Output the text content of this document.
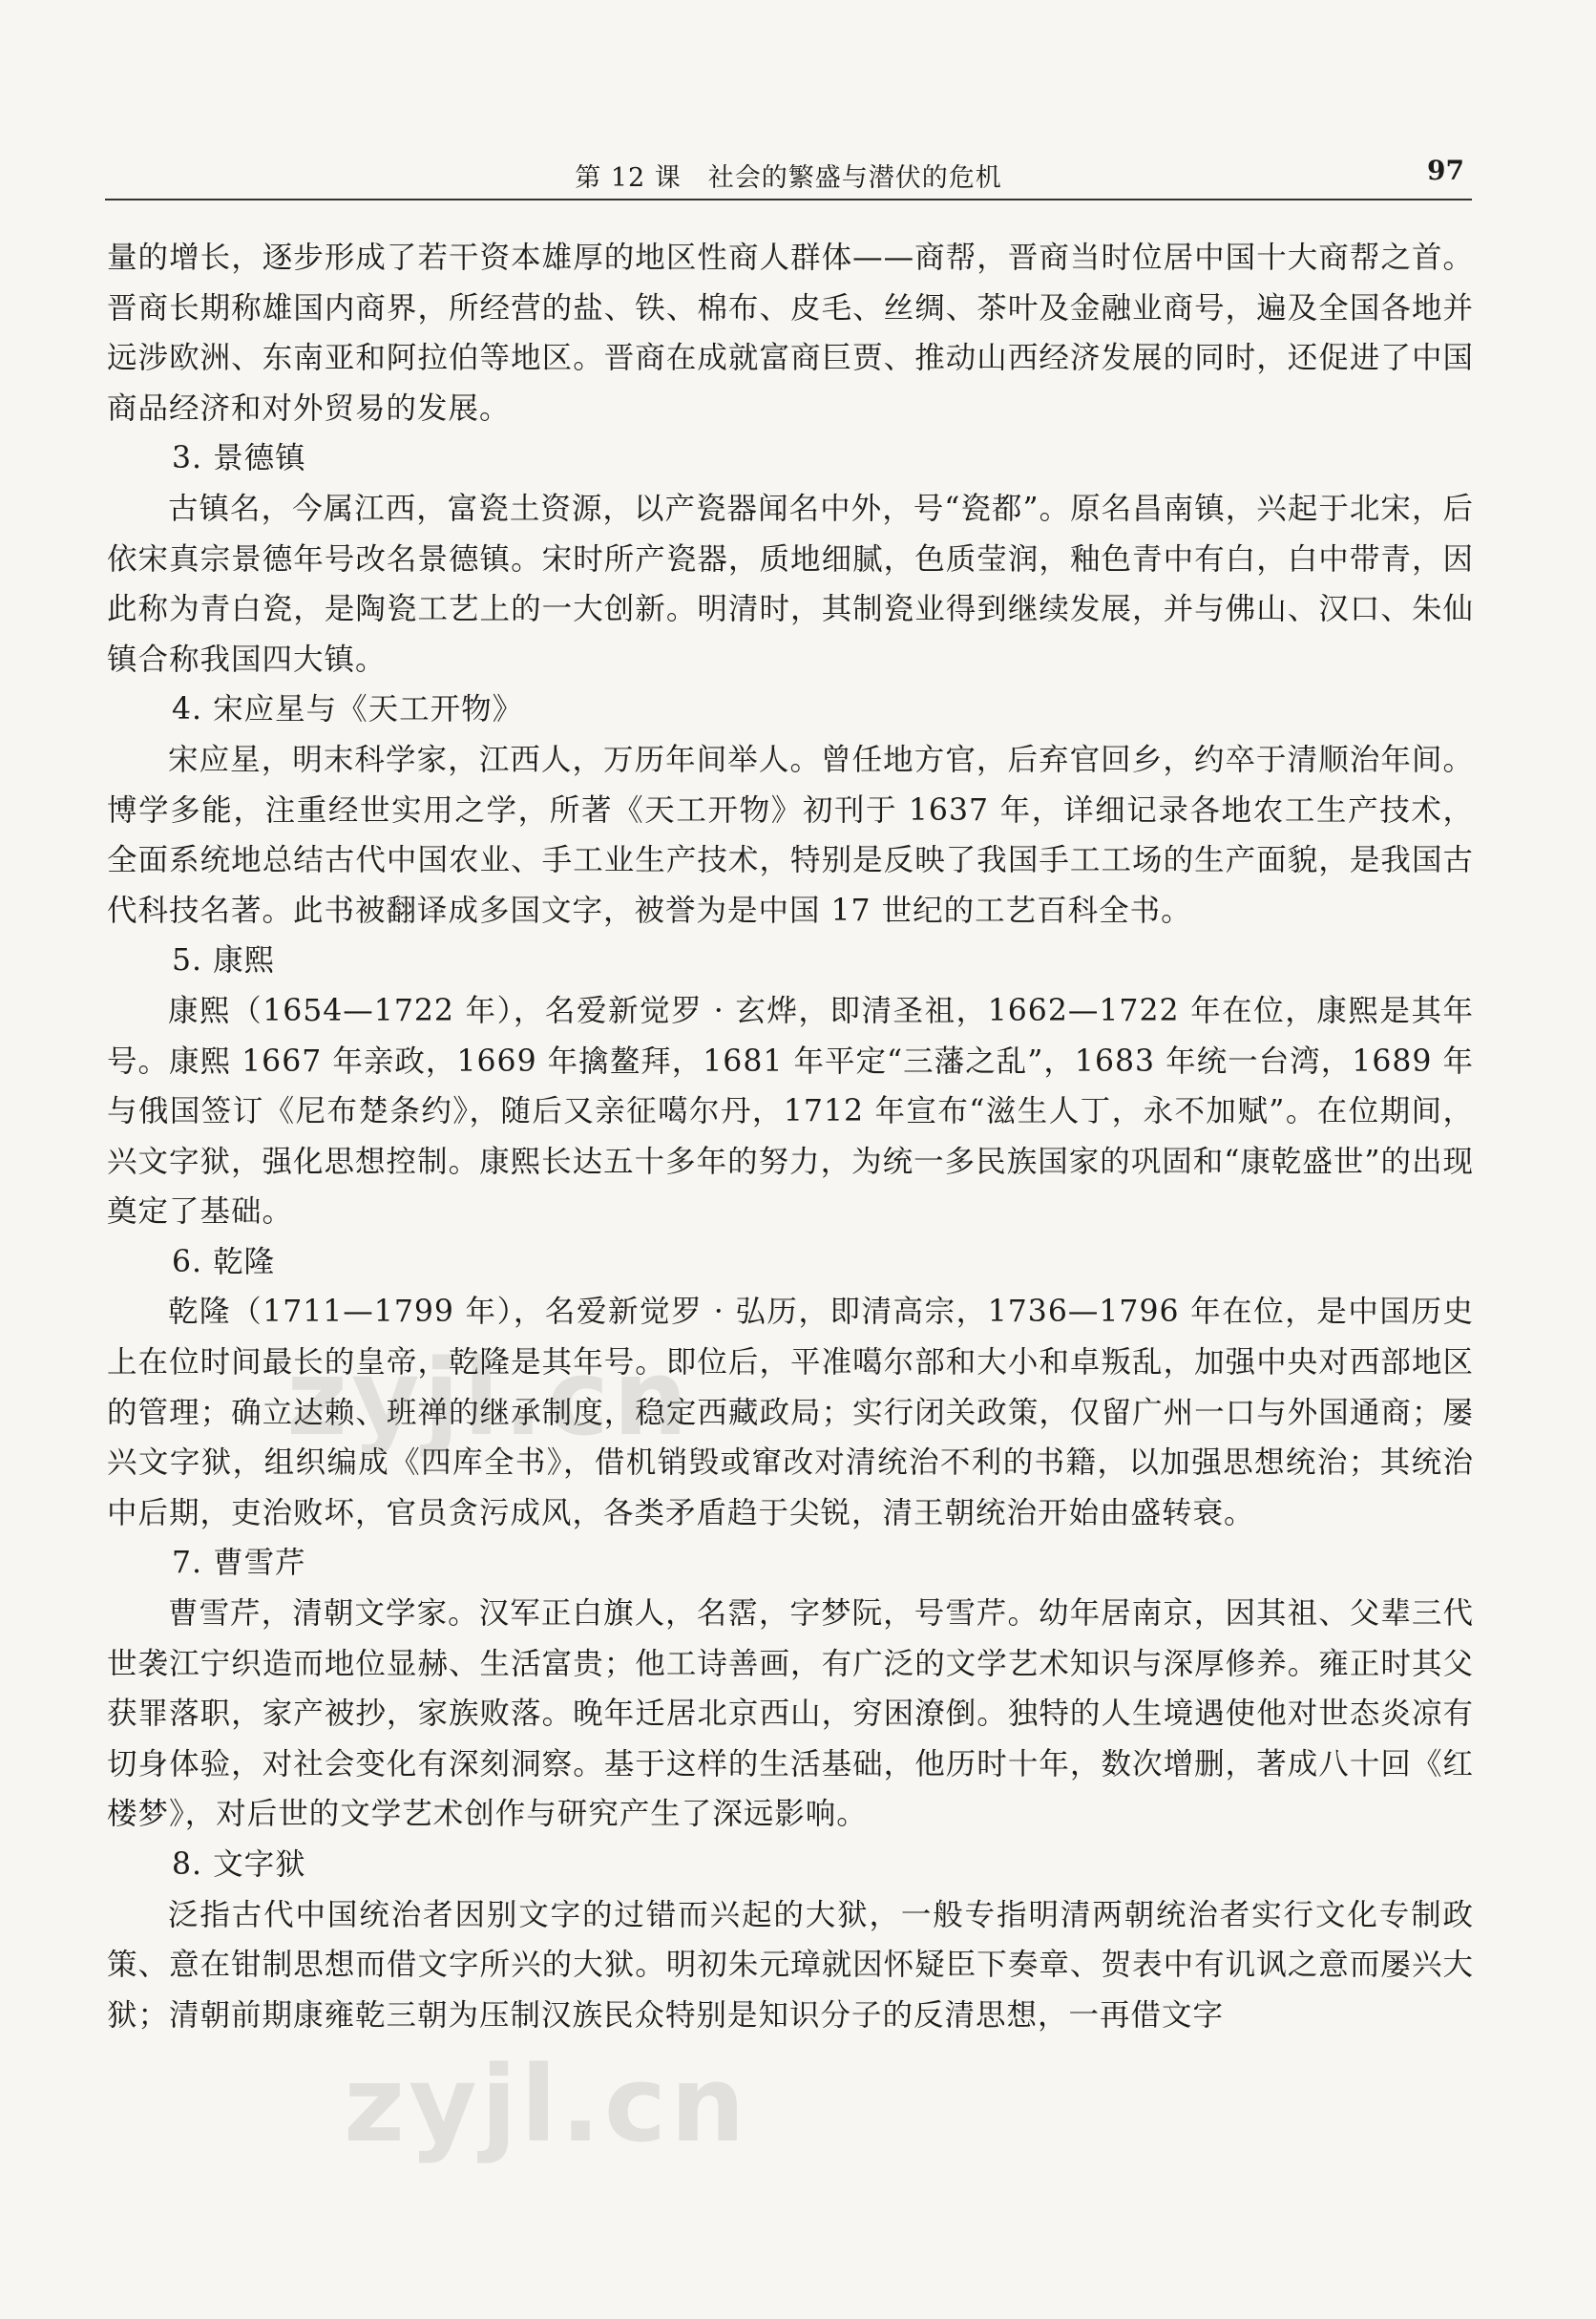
第 12 课　社会的繁盛与潜伏的危机	97

量的增长，逐步形成了若干资本雄厚的地区性商人群体——商帮，晋商当时位居中国十大商帮之首。晋商长期称雄国内商界，所经营的盐、铁、棉布、皮毛、丝绸、茶叶及金融业商号，遍及全国各地并远涉欧洲、东南亚和阿拉伯等地区。晋商在成就富商巨贾、推动山西经济发展的同时，还促进了中国商品经济和对外贸易的发展。

3. 景德镇

古镇名，今属江西，富瓷土资源，以产瓷器闻名中外，号“瓷都”。原名昌南镇，兴起于北宋，后依宋真宗景德年号改名景德镇。宋时所产瓷器，质地细腻，色质莹润，釉色青中有白，白中带青，因此称为青白瓷，是陶瓷工艺上的一大创新。明清时，其制瓷业得到继续发展，并与佛山、汉口、朱仙镇合称我国四大镇。

4. 宋应星与《天工开物》

宋应星，明末科学家，江西人，万历年间举人。曾任地方官，后弃官回乡，约卒于清顺治年间。博学多能，注重经世实用之学，所著《天工开物》初刊于 1637 年，详细记录各地农工生产技术，全面系统地总结古代中国农业、手工业生产技术，特别是反映了我国手工工场的生产面貌，是我国古代科技名著。此书被翻译成多国文字，被誉为是中国 17 世纪的工艺百科全书。

5. 康熙

康熙（1654—1722 年），名爱新觉罗 · 玄烨，即清圣祖，1662—1722 年在位，康熙是其年号。康熙 1667 年亲政，1669 年擒鳌拜，1681 年平定“三藩之乱”，1683 年统一台湾，1689 年与俄国签订《尼布楚条约》，随后又亲征噶尔丹，1712 年宣布“滋生人丁，永不加赋”。在位期间，兴文字狱，强化思想控制。康熙长达五十多年的努力，为统一多民族国家的巩固和“康乾盛世”的出现奠定了基础。

6. 乾隆

乾隆（1711—1799 年），名爱新觉罗 · 弘历，即清高宗，1736—1796 年在位，是中国历史上在位时间最长的皇帝，乾隆是其年号。即位后，平准噶尔部和大小和卓叛乱，加强中央对西部地区的管理；确立达赖、班禅的继承制度，稳定西藏政局；实行闭关政策，仅留广州一口与外国通商；屡兴文字狱，组织编成《四库全书》，借机销毁或窜改对清统治不利的书籍，以加强思想统治；其统治中后期，吏治败坏，官员贪污成风，各类矛盾趋于尖锐，清王朝统治开始由盛转衰。

7. 曹雪芹

曹雪芹，清朝文学家。汉军正白旗人，名霑，字梦阮，号雪芹。幼年居南京，因其祖、父辈三代世袭江宁织造而地位显赫、生活富贵；他工诗善画，有广泛的文学艺术知识与深厚修养。雍正时其父获罪落职，家产被抄，家族败落。晚年迁居北京西山，穷困潦倒。独特的人生境遇使他对世态炎凉有切身体验，对社会变化有深刻洞察。基于这样的生活基础，他历时十年，数次增删，著成八十回《红楼梦》，对后世的文学艺术创作与研究产生了深远影响。

8. 文字狱

泛指古代中国统治者因别文字的过错而兴起的大狱，一般专指明清两朝统治者实行文化专制政策、意在钳制思想而借文字所兴的大狱。明初朱元璋就因怀疑臣下奏章、贺表中有讥讽之意而屡兴大狱；清朝前期康雍乾三朝为压制汉族民众特别是知识分子的反清思想，一再借文字

zyjl.cn
zyjl.cn
